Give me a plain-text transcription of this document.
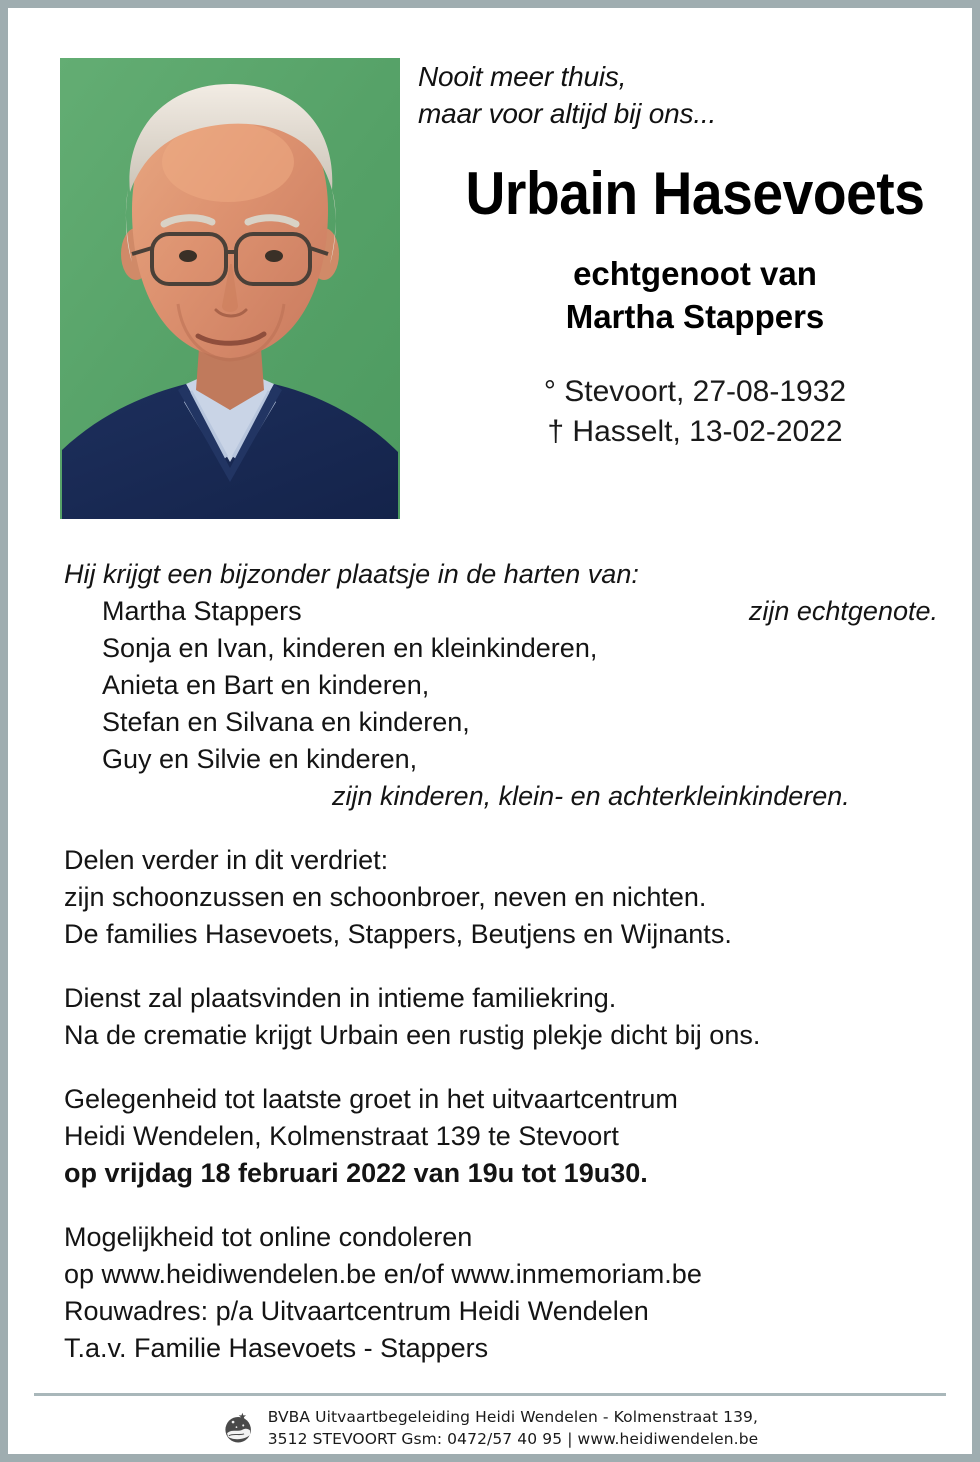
Nooit meer thuis,
maar voor altijd bij ons...
Urbain Hasevoets
echtgenoot van
Martha Stappers
° Stevoort, 27-08-1932
† Hasselt, 13-02-2022
Hij krijgt een bijzonder plaatsje in de harten van:
Martha Stappers	zijn echtgenote.
Sonja en Ivan, kinderen en kleinkinderen,
Anieta en Bart en kinderen,
Stefan en Silvana en kinderen,
Guy en Silvie en kinderen,
zijn kinderen, klein- en achterkleinkinderen.
Delen verder in dit verdriet:
zijn schoonzussen en schoonbroer, neven en nichten.
De families Hasevoets, Stappers, Beutjens en Wijnants.
Dienst zal plaatsvinden in intieme familiekring.
Na de crematie krijgt Urbain een rustig plekje dicht bij ons.
Gelegenheid tot laatste groet in het uitvaartcentrum
Heidi Wendelen, Kolmenstraat 139 te Stevoort
op vrijdag 18 februari 2022 van 19u tot 19u30.
Mogelijkheid tot online condoleren
op www.heidiwendelen.be en/of www.inmemoriam.be
Rouwadres: p/a Uitvaartcentrum Heidi Wendelen
T.a.v. Familie Hasevoets - Stappers
BVBA Uitvaartbegeleiding Heidi Wendelen - Kolmenstraat 139,
3512 STEVOORT Gsm: 0472/57 40 95 | www.heidiwendelen.be
